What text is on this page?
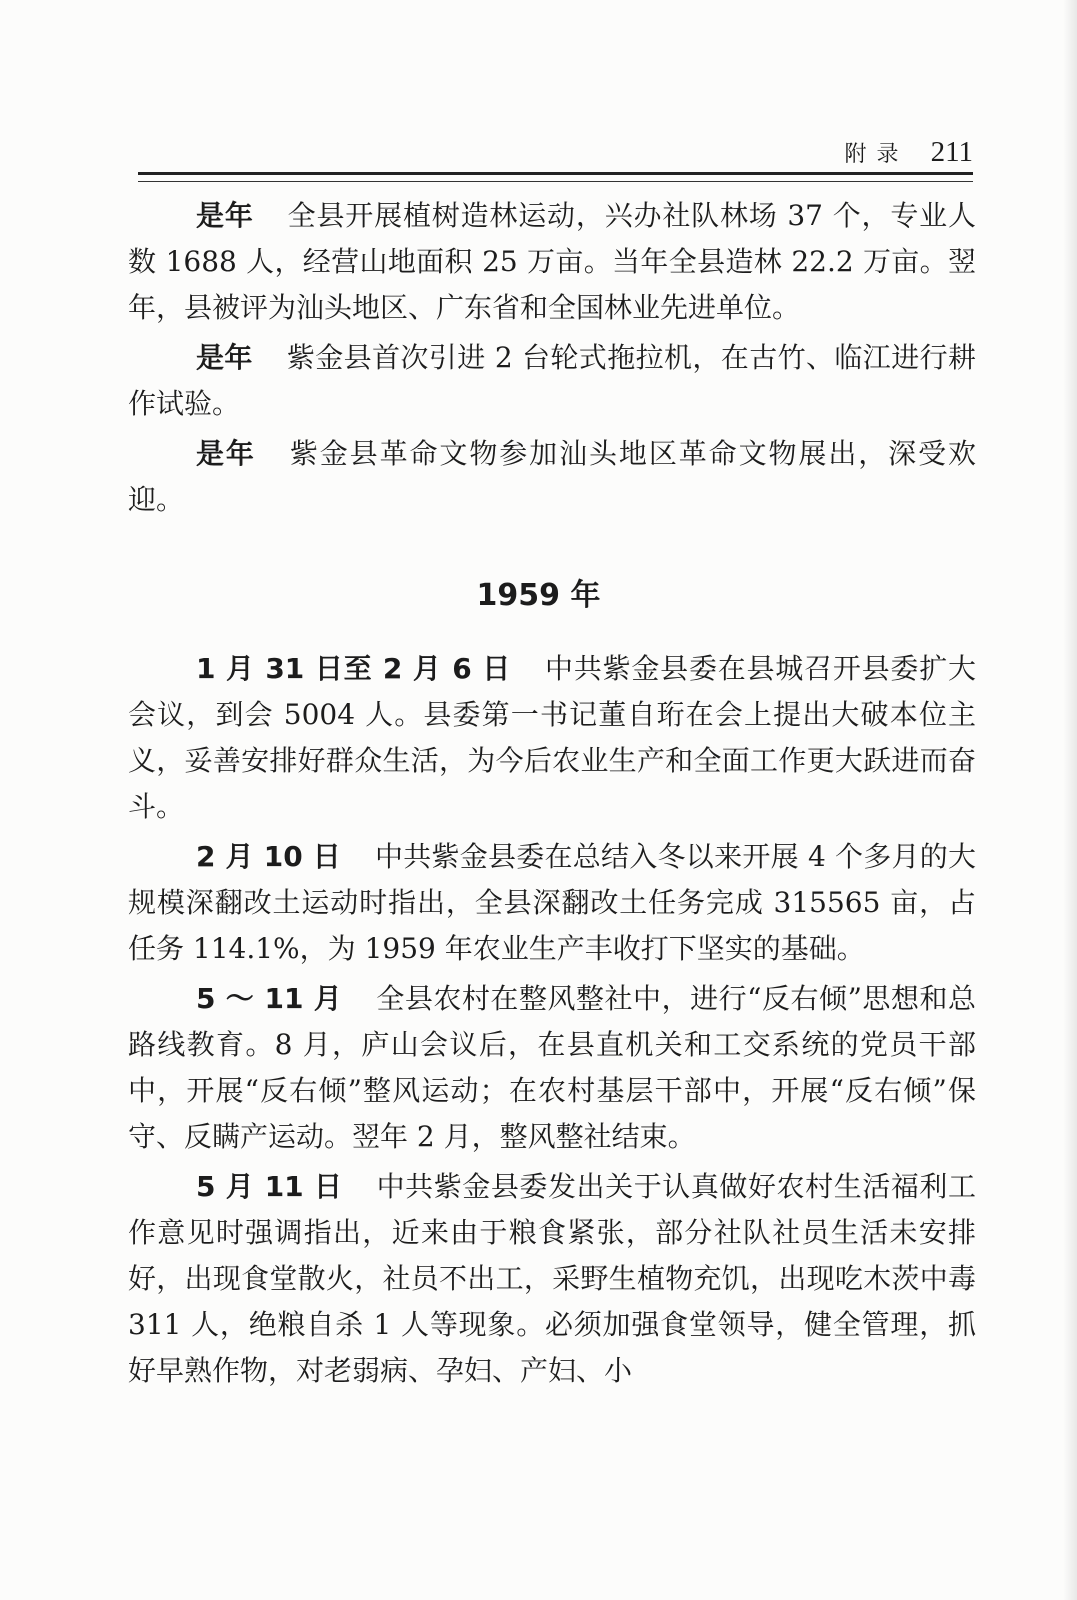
附录 211

是年 全县开展植树造林运动，兴办社队林场 37 个，专业人数 1688 人，经营山地面积 25 万亩。当年全县造林 22.2 万亩。翌年，县被评为汕头地区、广东省和全国林业先进单位。

是年 紫金县首次引进 2 台轮式拖拉机，在古竹、临江进行耕作试验。

是年 紫金县革命文物参加汕头地区革命文物展出，深受欢迎。

1959 年

1 月 31 日至 2 月 6 日 中共紫金县委在县城召开县委扩大会议，到会 5004 人。县委第一书记董自珩在会上提出大破本位主义，妥善安排好群众生活，为今后农业生产和全面工作更大跃进而奋斗。

2 月 10 日 中共紫金县委在总结入冬以来开展 4 个多月的大规模深翻改土运动时指出，全县深翻改土任务完成 315565 亩，占任务 114.1%，为 1959 年农业生产丰收打下坚实的基础。

5 ～ 11 月 全县农村在整风整社中，进行“反右倾”思想和总路线教育。8 月，庐山会议后，在县直机关和工交系统的党员干部中，开展“反右倾”整风运动；在农村基层干部中，开展“反右倾”保守、反瞒产运动。翌年 2 月，整风整社结束。

5 月 11 日 中共紫金县委发出关于认真做好农村生活福利工作意见时强调指出，近来由于粮食紧张，部分社队社员生活未安排好，出现食堂散火，社员不出工，采野生植物充饥，出现吃木茨中毒 311 人，绝粮自杀 1 人等现象。必须加强食堂领导，健全管理，抓好早熟作物，对老弱病、孕妇、产妇、小
